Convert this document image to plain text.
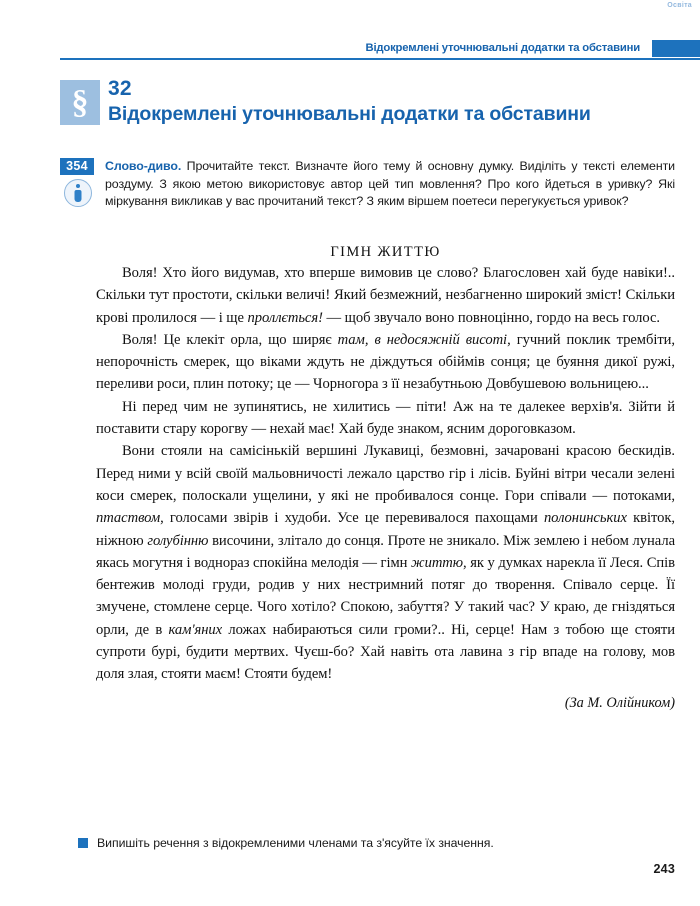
Освіта
Відокремлені уточнювальні додатки та обставини
§ 32
Відокремлені уточнювальні додатки та обставини
354	Слово-диво. Прочитайте текст. Визначте його тему й основну думку. Виділіть у тексті елементи роздуму. З якою метою використовує автор цей тип мовлення? Про кого йдеться в уривку? Які міркування викликав у вас прочитаний текст? З яким віршем поетеси перегукується уривок?
ГІМН ЖИТТЮ

Воля! Хто його видумав, хто вперше вимовив це слово? Благословен хай буде навіки!.. Скільки тут простоти, скільки величі! Який безмежний, незбагненно широкий зміст! Скільки крові пролилося — і ще проллється! — щоб звучало воно повноцінно, гордо на весь голос.

Воля! Це клекіт орла, що ширяє там, в недосяжній висоті, гучний поклик трембіти, непорочність смерек, що віками ждуть не діждуться обіймів сонця; це буяння дикої ружі, переливи роси, плин потоку; це — Чорногора з її незабутньою Довбушевою вольницею...

Ні перед чим не зупинятись, не хилитись — піти! Аж на те далекее верхів'я. Зійти й поставити стару корогву — нехай має! Хай буде знаком, ясним дороговказом.

Вони стояли на самісінькій вершині Лукавиці, безмовні, зачаровані красою бескидів. Перед ними у всій своїй мальовничості лежало царство гір і лісів. Буйні вітри чесали зелені коси смерек, полоскали ущелини, у які не пробивалося сонце. Гори співали — потоками, птаством, голосами звірів і худоби. Усе це перевивалося пахощами полонинських квіток, ніжною голубінню височини, злітало до сонця. Проте не зникало. Між землею і небом лунала якась могутня і воднораз спокійна мелодія — гімн життю, як у думках нарекла її Леся. Спів бентежив молоді груди, родив у них нестримний потяг до творення. Співало серце. Її змучене, стомлене серце. Чого хотіло? Спокою, забуття? У такий час? У краю, де гніздяться орли, де в кам'яних ложах набираються сили громи?.. Ні, серце! Нам з тобою ще стояти супроти бурі, будити мертвих. Чуєш-бо? Хай навіть ота лавина з гір впаде на голову, мов доля злая, стояти маєм! Стояти будем!

(За М. Олійником)
Випишіть речення з відокремленими членами та з'ясуйте їх значення.
243
